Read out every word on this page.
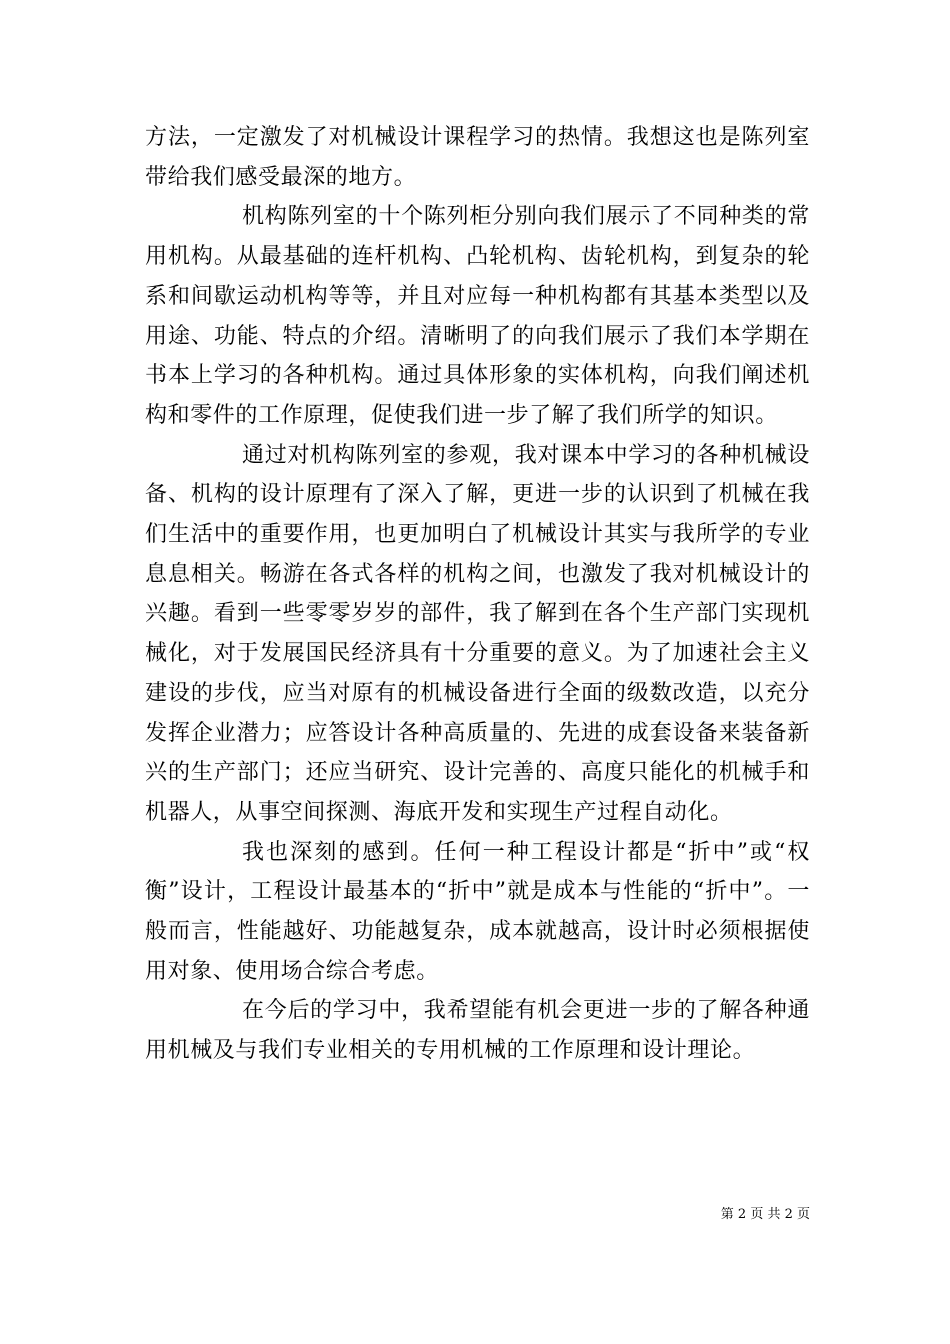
方法，一定激发了对机械设计课程学习的热情。我想这也是陈列室带给我们感受最深的地方。

机构陈列室的十个陈列柜分别向我们展示了不同种类的常用机构。从最基础的连杆机构、凸轮机构、齿轮机构，到复杂的轮系和间歇运动机构等等，并且对应每一种机构都有其基本类型以及用途、功能、特点的介绍。清晰明了的向我们展示了我们本学期在书本上学习的各种机构。通过具体形象的实体机构，向我们阐述机构和零件的工作原理，促使我们进一步了解了我们所学的知识。

通过对机构陈列室的参观，我对课本中学习的各种机械设备、机构的设计原理有了深入了解，更进一步的认识到了机械在我们生活中的重要作用，也更加明白了机械设计其实与我所学的专业息息相关。畅游在各式各样的机构之间，也激发了我对机械设计的兴趣。看到一些零零岁岁的部件，我了解到在各个生产部门实现机械化，对于发展国民经济具有十分重要的意义。为了加速社会主义建设的步伐，应当对原有的机械设备进行全面的级数改造，以充分发挥企业潜力；应答设计各种高质量的、先进的成套设备来装备新兴的生产部门；还应当研究、设计完善的、高度只能化的机械手和机器人，从事空间探测、海底开发和实现生产过程自动化。

我也深刻的感到。任何一种工程设计都是“折中”或“权衡”设计，工程设计最基本的“折中”就是成本与性能的“折中”。一般而言，性能越好、功能越复杂，成本就越高，设计时必须根据使用对象、使用场合综合考虑。

在今后的学习中，我希望能有机会更进一步的了解各种通用机械及与我们专业相关的专用机械的工作原理和设计理论。

第 2 页 共 2 页
